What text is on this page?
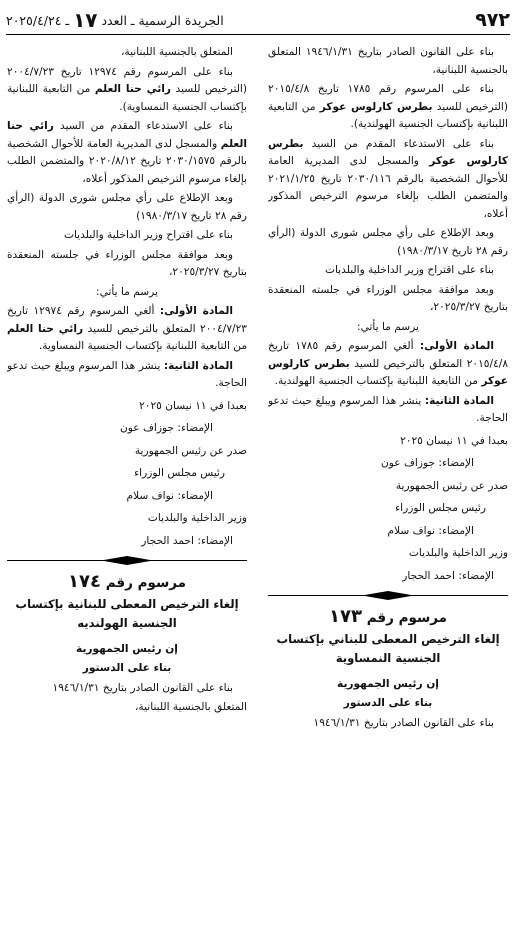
ـ ٢٠٢٥/٤/٢٤ ١٧ الجريدة الرسمية ـ العدد	٩٧٢

بناء على القانون الصادر بتاريخ ١٩٤٦/١/٣١ المتعلق بالجنسية اللبنانية،

بناء على المرسوم رقم ١٧٨٥ تاريخ ٢٠١٥/٤/٨ (الترخيص للسيد بطرس كارلوس عوكر من التابعية اللبنانية بإكتساب الجنسية الهولندية).

بناء على الاستدعاء المقدم من السيد بطرس كارلوس عوكر والمسجل لدى المديرية العامة للأحوال الشخصية بالرقم ٢٠٣٠/١١٦ تاريخ ٢٠٢١/١/٢٥ والمتضمن الطلب بإلغاء مرسوم الترخيص المذكور أعلاه،

وبعد الإطلاع على رأي مجلس شورى الدولة (الرأي رقم ٢٨ تاريخ ١٩٨٠/٣/١٧)

بناء على اقتراح وزير الداخلية والبلديات

وبعد موافقة مجلس الوزراء في جلسته المنعقدة بتاريخ ٢٠٢٥/٣/٢٧،

يرسم ما يأتي:

المادة الأولى: ألغي المرسوم رقم ١٧٨٥ تاريخ ٢٠١٥/٤/٨ المتعلق بالترخيص للسيد بطرس كارلوس عوكر من التابعية اللبنانية بإكتساب الجنسية الهولندية.

المادة الثانية: ينشر هذا المرسوم ويبلغ حيث تدعو الحاجة.

بعبدا في ١١ نيسان ٢٠٢٥

الإمضاء: جوزاف عون

صدر عن رئيس الجمهورية

رئيس مجلس الوزراء

الإمضاء: نواف سلام

وزير الداخلية والبلديات

الإمضاء: احمد الحجار

مرسوم رقم ١٧٣
إلغاء الترخيص المعطى للبناني بإكتساب الجنسية النمساوية

إن رئيس الجمهورية

بناء على الدستور

بناء على القانون الصادر بتاريخ ١٩٤٦/١/٣١

المتعلق بالجنسية اللبنانية،

بناء على المرسوم رقم ١٢٩٧٤ تاريخ ٢٠٠٤/٧/٢٣ (الترخيص للسيد رائي حنا العلم من التابعية اللبنانية بإكتساب الجنسية النمساوية).

بناء على الاستدعاء المقدم من السيد رائي حنا العلم والمسجل لدى المديرية العامة للأحوال الشخصية بالرقم ٢٠٣٠/١٥٧٥ تاريخ ٢٠٢٠/٨/١٢ والمتضمن الطلب بإلغاء مرسوم الترخيص المذكور أعلاه،

وبعد الإطلاع على رأي مجلس شورى الدولة (الرأي رقم ٢٨ تاريخ ١٩٨٠/٣/١٧)

بناء على اقتراح وزير الداخلية والبلديات

وبعد موافقة مجلس الوزراء في جلسته المنعقدة بتاريخ ٢٠٢٥/٣/٢٧،

يرسم ما يأتي:

المادة الأولى: ألغي المرسوم رقم ١٢٩٧٤ تاريخ ٢٠٠٤/٧/٢٣ المتعلق بالترخيص للسيد رائي حنا العلم من التابعية اللبنانية بإكتساب الجنسية النمساوية.

المادة الثانية: ينشر هذا المرسوم ويبلغ حيث تدعو الحاجة.

بعبدا في ١١ نيسان ٢٠٢٥

الإمضاء: جوزاف عون

صدر عن رئيس الجمهورية

رئيس مجلس الوزراء

الإمضاء: نواف سلام

وزير الداخلية والبلديات

الإمضاء: احمد الحجار

مرسوم رقم ١٧٤
إلغاء الترخيص المعطى للبنانية بإكتساب الجنسية الهولنديه

إن رئيس الجمهورية

بناء على الدستور

بناء على القانون الصادر بتاريخ ١٩٤٦/١/٣١

المتعلق بالجنسية اللبنانية،
